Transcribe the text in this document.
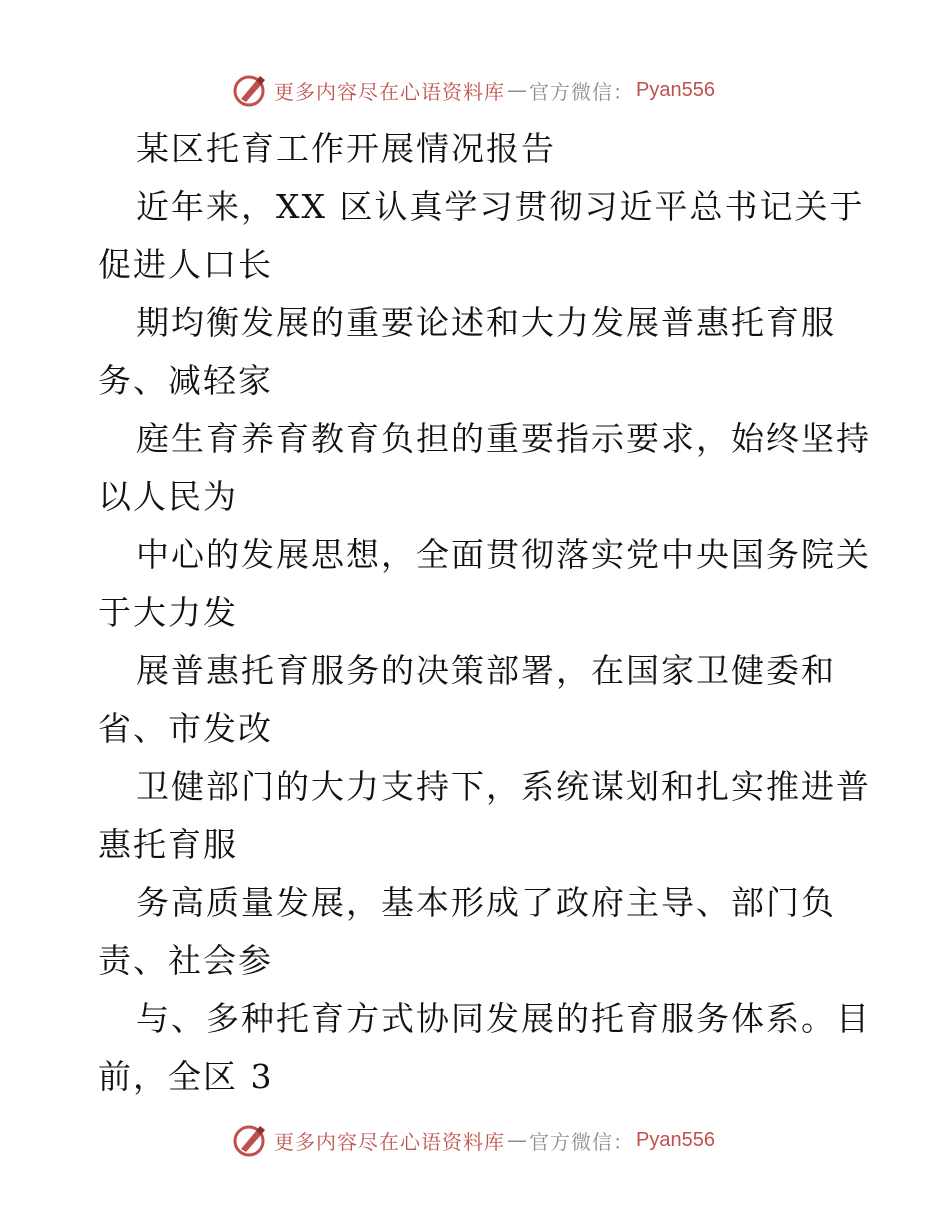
更多内容尽在心语资料库 — 官方微信： Pyan556
某区托育工作开展情况报告
近年来，XX 区认真学习贯彻习近平总书记关于
促进人口长
期均衡发展的重要论述和大力发展普惠托育服
务、减轻家
庭生育养育教育负担的重要指示要求，始终坚持
以人民为
中心的发展思想，全面贯彻落实党中央国务院关
于大力发
展普惠托育服务的决策部署，在国家卫健委和
省、市发改
卫健部门的大力支持下，系统谋划和扎实推进普
惠托育服
务高质量发展，基本形成了政府主导、部门负
责、社会参
与、多种托育方式协同发展的托育服务体系。目
前，全区 3
更多内容尽在心语资料库 — 官方微信： Pyan556
